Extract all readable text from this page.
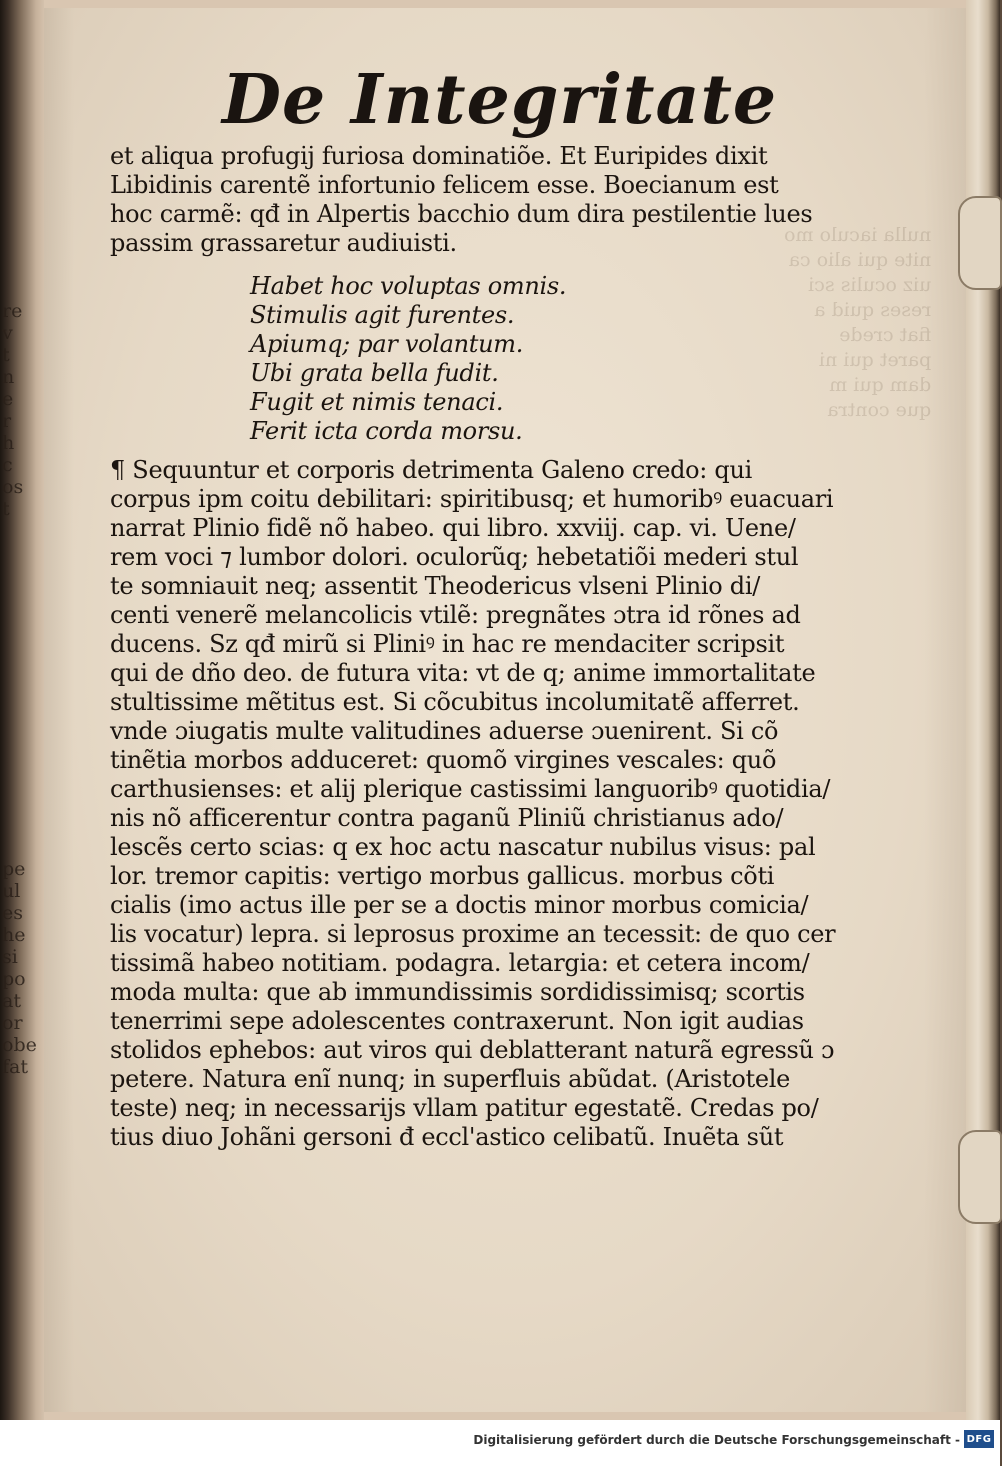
re
v
t
n
e
r
h
c
os
t
pe
ul
es
he
si
po
at
or
obe
fat
nulla iaculo mo
nite qui alio ca
uiz oculis sci
reses quid a
fiat crede
paret qui ni
dam qui m
que contra

De Integritate
et aliqua profugij furiosa dominatiõe. Et Euripides dixit
Libidinis carentẽ infortunio felicem esse. Boecianum est
hoc carmẽ: qđ in Alpertis bacchio dum dira pestilentie lues
passim grassaretur audiuisti.
Habet hoc voluptas omnis.
Stimulis agit furentes.
Apiumq; par volantum.
Ubi grata bella fudit.
Fugit et nimis tenaci.
Ferit icta corda morsu.
¶ Sequuntur et corporis detrimenta Galeno credo: qui
corpus ipm coitu debilitari: spiritibusq; et humoribꝰ euacuari
narrat Plinio fidẽ nõ habeo. qui libro. xxviij. cap. vi. Uene/
rem voci ⁊ lumbor dolori. oculorũq; hebetatiõi mederi stul
te somniauit neq; assentit Theodericus vlseni Plinio di/
centi venerẽ melancolicis vtilẽ: pregnãtes ɔtra id rõnes ad
ducens. Sz qđ mirũ si Pliniꝰ in hac re mendaciter scripsit
qui de dño deo. de futura vita: vt de q; anime immortalitate
stultissime mẽtitus est. Si cõcubitus incolumitatẽ afferret.
vnde ɔiugatis multe valitudines aduerse ɔuenirent. Si cõ
tinẽtia morbos adduceret: quomõ virgines vescales: quõ
carthusienses: et alij plerique castissimi languoribꝰ quotidia/
nis nõ afficerentur contra paganũ Pliniũ christianus ado/
lescẽs certo scias: q ex hoc actu nascatur nubilus visus: pal
lor. tremor capitis: vertigo morbus gallicus. morbus cõti
cialis (imo actus ille per se a doctis minor morbus comicia/
lis vocatur) lepra. si leprosus proxime an tecessit: de quo cer
tissimã habeo notitiam. podagra. letargia: et cetera incom/
moda multa: que ab immundissimis sordidissimisq; scortis
tenerrimi sepe adolescentes contraxerunt. Non igit audias
stolidos ephebos: aut viros qui deblatterant naturã egressũ ɔ
petere. Natura enĩ nunq; in superfluis abũdat. (Aristotele
teste) neq; in necessarijs vllam patitur egestatẽ. Credas po/
tius diuo Johãni gersoni đ eccl'astico celibatũ. Inuẽta sũt
Digitalisierung gefördert durch die Deutsche Forschungsgemeinschaft - DFG
